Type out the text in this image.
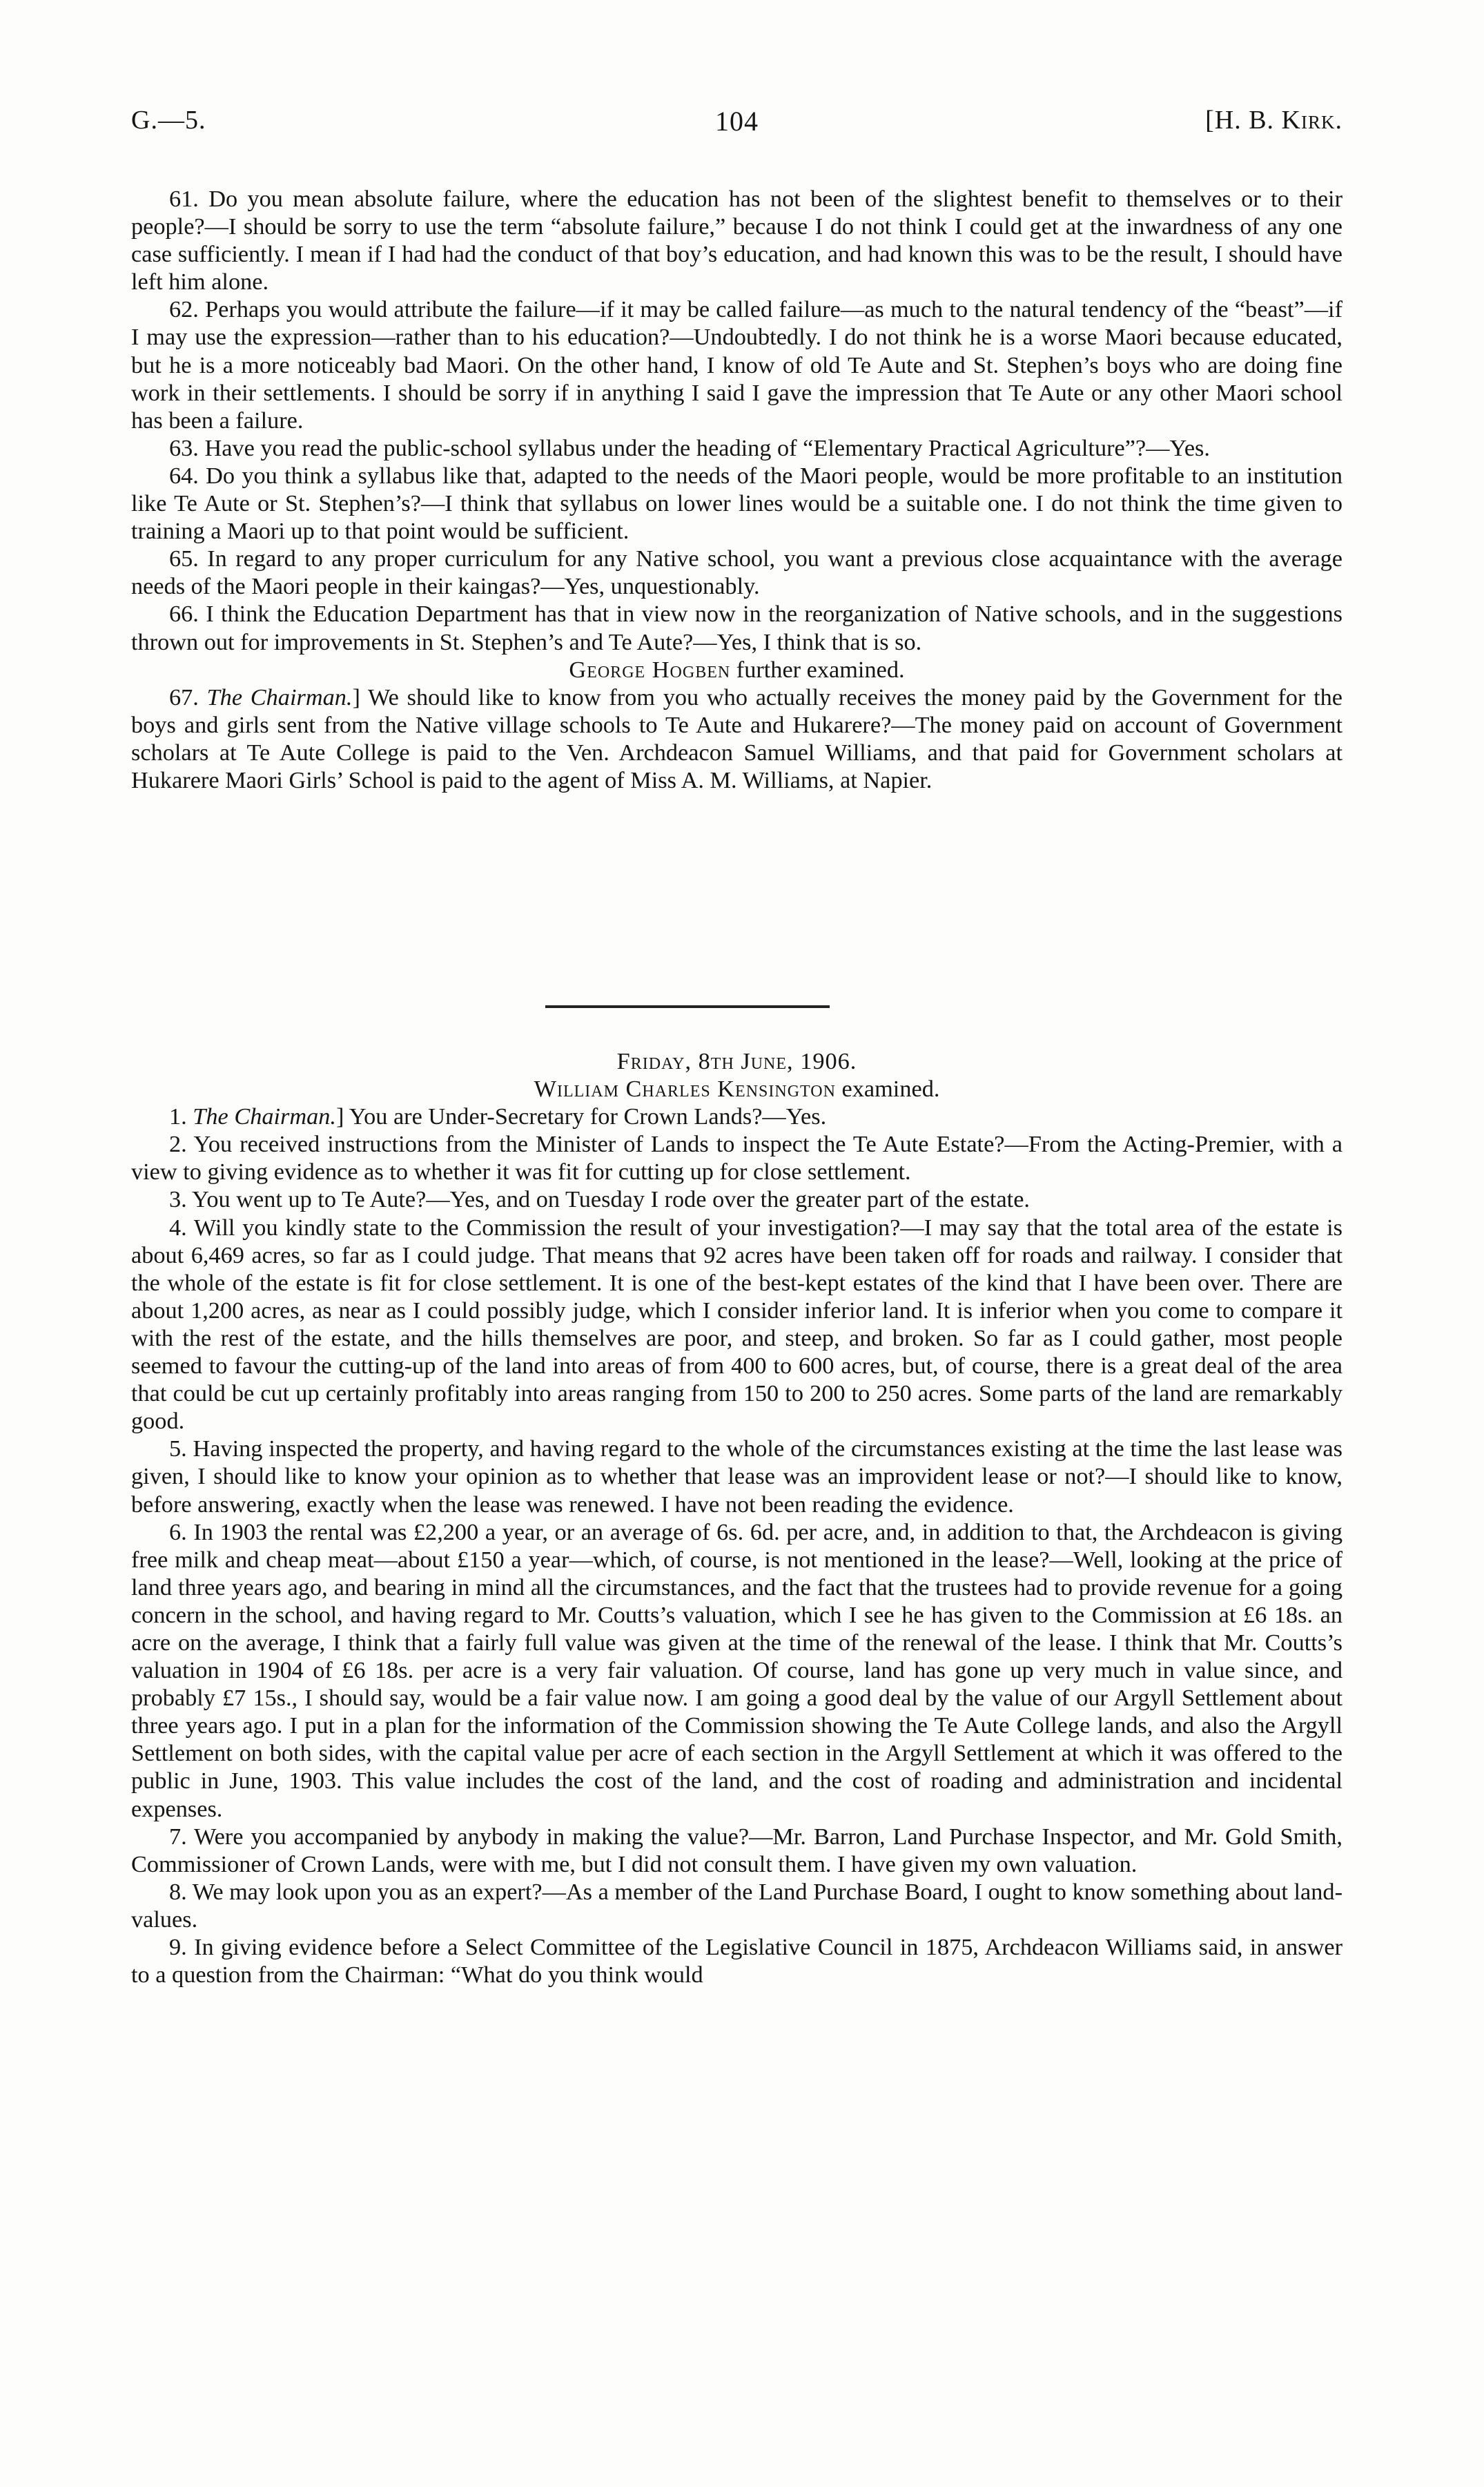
G.—5.	104	[H. B. Kirk.

61. Do you mean absolute failure, where the education has not been of the slightest benefit to themselves or to their people?—I should be sorry to use the term “absolute failure,” because I do not think I could get at the inwardness of any one case sufficiently. I mean if I had had the conduct of that boy’s education, and had known this was to be the result, I should have left him alone.

62. Perhaps you would attribute the failure—if it may be called failure—as much to the natural tendency of the “beast”—if I may use the expression—rather than to his education?—Undoubtedly. I do not think he is a worse Maori because educated, but he is a more noticeably bad Maori. On the other hand, I know of old Te Aute and St. Stephen’s boys who are doing fine work in their settlements. I should be sorry if in anything I said I gave the impression that Te Aute or any other Maori school has been a failure.

63. Have you read the public-school syllabus under the heading of “Elementary Practical Agriculture”?—Yes.

64. Do you think a syllabus like that, adapted to the needs of the Maori people, would be more profitable to an institution like Te Aute or St. Stephen’s?—I think that syllabus on lower lines would be a suitable one. I do not think the time given to training a Maori up to that point would be sufficient.

65. In regard to any proper curriculum for any Native school, you want a previous close acquaintance with the average needs of the Maori people in their kaingas?—Yes, unquestionably.

66. I think the Education Department has that in view now in the reorganization of Native schools, and in the suggestions thrown out for improvements in St. Stephen’s and Te Aute?—Yes, I think that is so.

George Hogben further examined.

67. The Chairman.] We should like to know from you who actually receives the money paid by the Government for the boys and girls sent from the Native village schools to Te Aute and Hukarere?—The money paid on account of Government scholars at Te Aute College is paid to the Ven. Archdeacon Samuel Williams, and that paid for Government scholars at Hukarere Maori Girls’ School is paid to the agent of Miss A. M. Williams, at Napier.

Friday, 8th June, 1906.

William Charles Kensington examined.

1. The Chairman.] You are Under-Secretary for Crown Lands?—Yes.

2. You received instructions from the Minister of Lands to inspect the Te Aute Estate?—From the Acting-Premier, with a view to giving evidence as to whether it was fit for cutting up for close settlement.

3. You went up to Te Aute?—Yes, and on Tuesday I rode over the greater part of the estate.

4. Will you kindly state to the Commission the result of your investigation?—I may say that the total area of the estate is about 6,469 acres, so far as I could judge. That means that 92 acres have been taken off for roads and railway. I consider that the whole of the estate is fit for close settlement. It is one of the best-kept estates of the kind that I have been over. There are about 1,200 acres, as near as I could possibly judge, which I consider inferior land. It is inferior when you come to compare it with the rest of the estate, and the hills themselves are poor, and steep, and broken. So far as I could gather, most people seemed to favour the cutting-up of the land into areas of from 400 to 600 acres, but, of course, there is a great deal of the area that could be cut up certainly profitably into areas ranging from 150 to 200 to 250 acres. Some parts of the land are remarkably good.

5. Having inspected the property, and having regard to the whole of the circumstances existing at the time the last lease was given, I should like to know your opinion as to whether that lease was an improvident lease or not?—I should like to know, before answering, exactly when the lease was renewed. I have not been reading the evidence.

6. In 1903 the rental was £2,200 a year, or an average of 6s. 6d. per acre, and, in addition to that, the Archdeacon is giving free milk and cheap meat—about £150 a year—which, of course, is not mentioned in the lease?—Well, looking at the price of land three years ago, and bearing in mind all the circumstances, and the fact that the trustees had to provide revenue for a going concern in the school, and having regard to Mr. Coutts’s valuation, which I see he has given to the Commission at £6 18s. an acre on the average, I think that a fairly full value was given at the time of the renewal of the lease. I think that Mr. Coutts’s valuation in 1904 of £6 18s. per acre is a very fair valuation. Of course, land has gone up very much in value since, and probably £7 15s., I should say, would be a fair value now. I am going a good deal by the value of our Argyll Settlement about three years ago. I put in a plan for the information of the Commission showing the Te Aute College lands, and also the Argyll Settlement on both sides, with the capital value per acre of each section in the Argyll Settlement at which it was offered to the public in June, 1903. This value includes the cost of the land, and the cost of roading and administration and incidental expenses.

7. Were you accompanied by anybody in making the value?—Mr. Barron, Land Purchase Inspector, and Mr. Gold Smith, Commissioner of Crown Lands, were with me, but I did not consult them. I have given my own valuation.

8. We may look upon you as an expert?—As a member of the Land Purchase Board, I ought to know something about land-values.

9. In giving evidence before a Select Committee of the Legislative Council in 1875, Archdeacon Williams said, in answer to a question from the Chairman: “What do you think would
